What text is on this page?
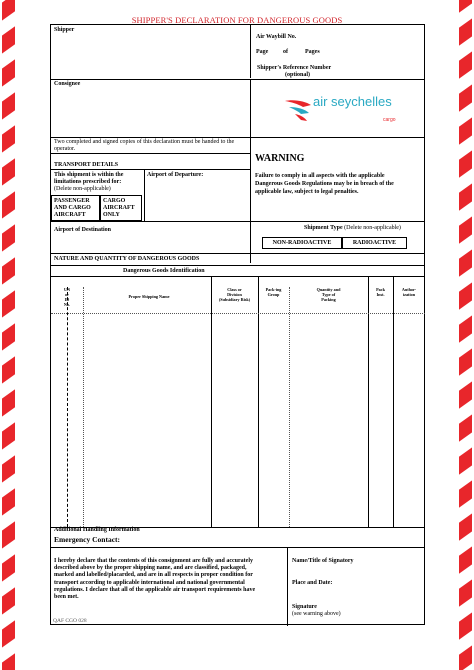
SHIPPER'S DECLARATION FOR DANGEROUS GOODS
Shipper
Air Waybill No.
Page of	Pages
Shipper's Reference Number
(optional)
Consignee
air seychelles
cargo
Two completed and signed copies of this declaration must be handed to the operator.
TRANSPORT DETAILS
This shipment is within the
limitations prescribed for:
(Delete non-applicable)
Airport of Departure:
PASSENGER
AND CARGO
AIRCRAFT
CARGO
AIRCRAFT
ONLY
Airport of Destination
WARNING
Failure to comply in all aspects with the applicable
Dangerous Goods Regulations may be in breach of the
applicable law, subject to legal penalties.
Shipment Type (Delete non-applicable)
NON-RADIOACTIVE	RADIOACTIVE
NATURE AND QUANTITY OF DANGEROUS GOODS
Dangerous Goods Identification
UN
or
ID
No.
Proper Shipping Name
Class or
Division
(Subsidiary Risk)
Pack-ing
Group
Quantity and
Type of
Packing
Pack
Inst.
Author-
ization
Additional Handling Information
Emergency Contact:
I hereby declare that the contents of this consignment are fully and accurately
described above by the proper shipping name, and are classified, packaged,
marked and labelled/placarded, and are in all respects in proper condition for
transport according to applicable international and national governmental
regulations. I declare that all of the applicable air transport requirements have
been met.
Name/Title of Signatory
Place and Date:
Signature
(see warning above)
QAF CGO 028
